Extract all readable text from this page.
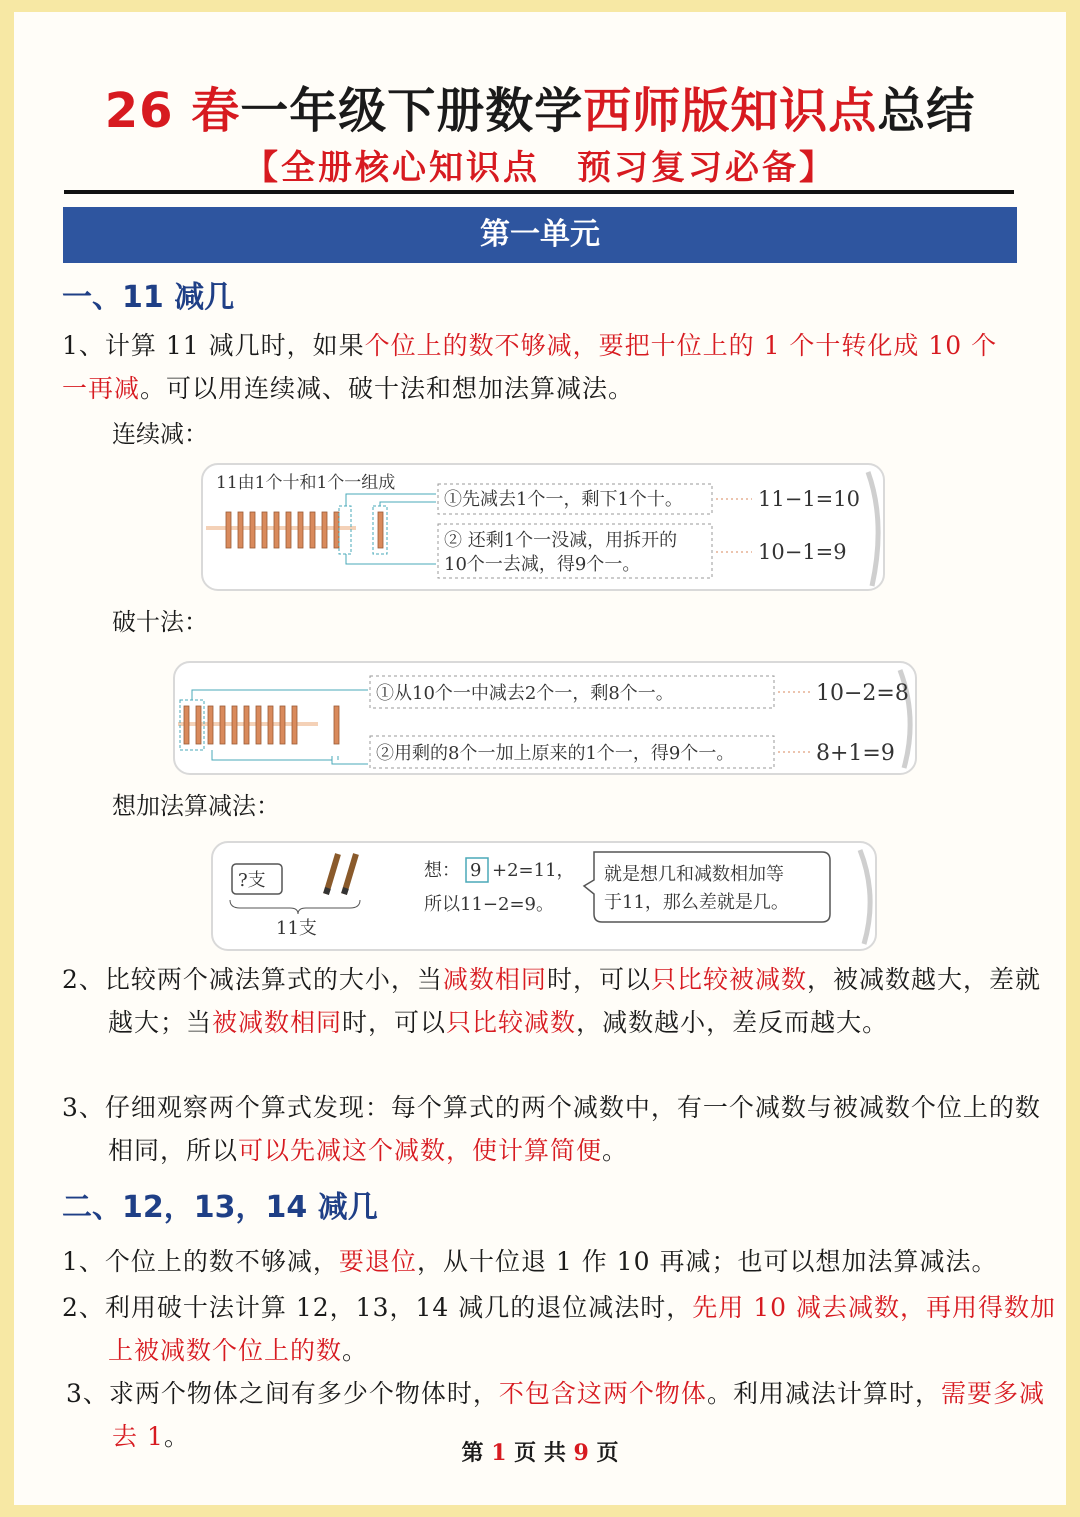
26 春一年级下册数学西师版知识点总结
【全册核心知识点　预习复习必备】
第一单元
一、11 减几
1、计算 11 减几时，如果个位上的数不够减，要把十位上的 1 个十转化成 10 个一再减。可以用连续减、破十法和想加法算减法。
连续减：
11由1个十和1个一组成
①先减去1个一，剩下1个十。
② 还剩1个一没减，用拆开的
10个一去减，得9个一。
11−1=10
10−1=9
破十法：
①从10个一中减去2个一，剩8个一。
②用剩的8个一加上原来的1个一，得9个一。
10−2=8
8+1=9
想加法算减法：
?支
11支
想： 9 +2=11，
所以11−2=9。
就是想几和减数相加等
于11，那么差就是几。
2、比较两个减法算式的大小，当减数相同时，可以只比较被减数，被减数越大，差就越大；当被减数相同时，可以只比较减数，减数越小，差反而越大。
3、仔细观察两个算式发现：每个算式的两个减数中，有一个减数与被减数个位上的数相同，所以可以先减这个减数，使计算简便。
二、12，13，14 减几
1、个位上的数不够减，要退位，从十位退 1 作 10 再减；也可以想加法算减法。
2、利用破十法计算 12，13，14 减几的退位减法时，先用 10 减去减数，再用得数加上被减数个位上的数。
3、求两个物体之间有多少个物体时，不包含这两个物体。利用减法计算时，需要多减去 1。
第 1 页 共 9 页
